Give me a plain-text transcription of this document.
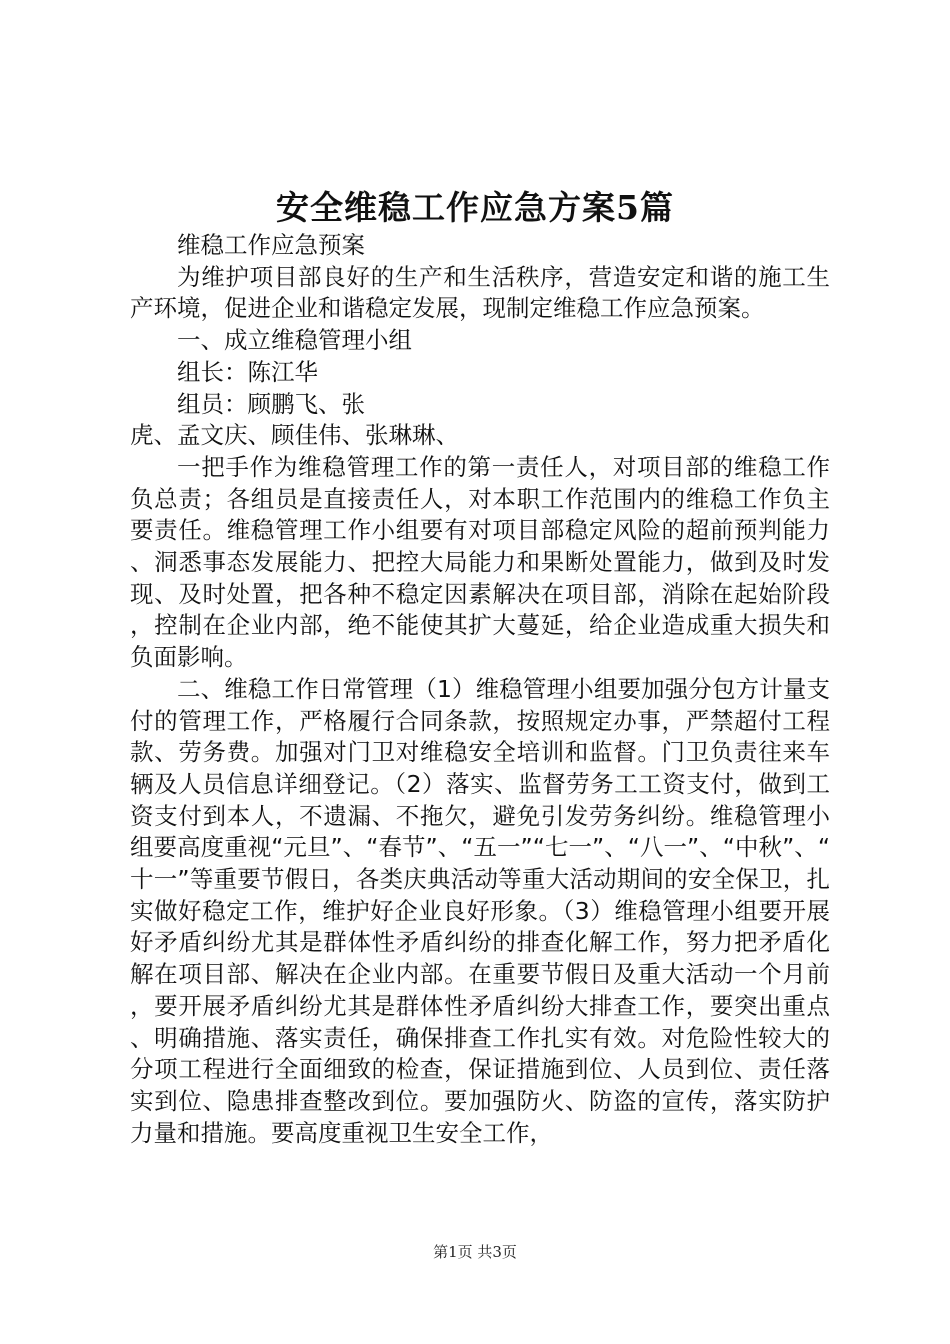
安全维稳工作应急方案5篇

维稳工作应急预案

为维护项目部良好的生产和生活秩序，营造安定和谐的施工生产环境，促进企业和谐稳定发展，现制定维稳工作应急预案。

一、成立维稳管理小组

组长：陈江华

组员：顾鹏飞、张

虎、孟文庆、顾佳伟、张琳琳、

一把手作为维稳管理工作的第一责任人，对项目部的维稳工作负总责；各组员是直接责任人，对本职工作范围内的维稳工作负主要责任。维稳管理工作小组要有对项目部稳定风险的超前预判能力、洞悉事态发展能力、把控大局能力和果断处置能力，做到及时发现、及时处置，把各种不稳定因素解决在项目部，消除在起始阶段，控制在企业内部，绝不能使其扩大蔓延，给企业造成重大损失和负面影响。

二、维稳工作日常管理（1）维稳管理小组要加强分包方计量支付的管理工作，严格履行合同条款，按照规定办事，严禁超付工程款、劳务费。加强对门卫对维稳安全培训和监督。门卫负责往来车辆及人员信息详细登记。（2）落实、监督劳务工工资支付，做到工资支付到本人，不遗漏、不拖欠，避免引发劳务纠纷。维稳管理小组要高度重视“元旦”、“春节”、“五一”“七一”、“八一”、“中秋”、“十一”等重要节假日，各类庆典活动等重大活动期间的安全保卫，扎实做好稳定工作，维护好企业良好形象。（3）维稳管理小组要开展好矛盾纠纷尤其是群体性矛盾纠纷的排查化解工作，努力把矛盾化解在项目部、解决在企业内部。在重要节假日及重大活动一个月前，要开展矛盾纠纷尤其是群体性矛盾纠纷大排查工作，要突出重点、明确措施、落实责任，确保排查工作扎实有效。对危险性较大的分项工程进行全面细致的检查，保证措施到位、人员到位、责任落实到位、隐患排查整改到位。要加强防火、防盗的宣传，落实防护力量和措施。要高度重视卫生安全工作，

第1页 共3页
